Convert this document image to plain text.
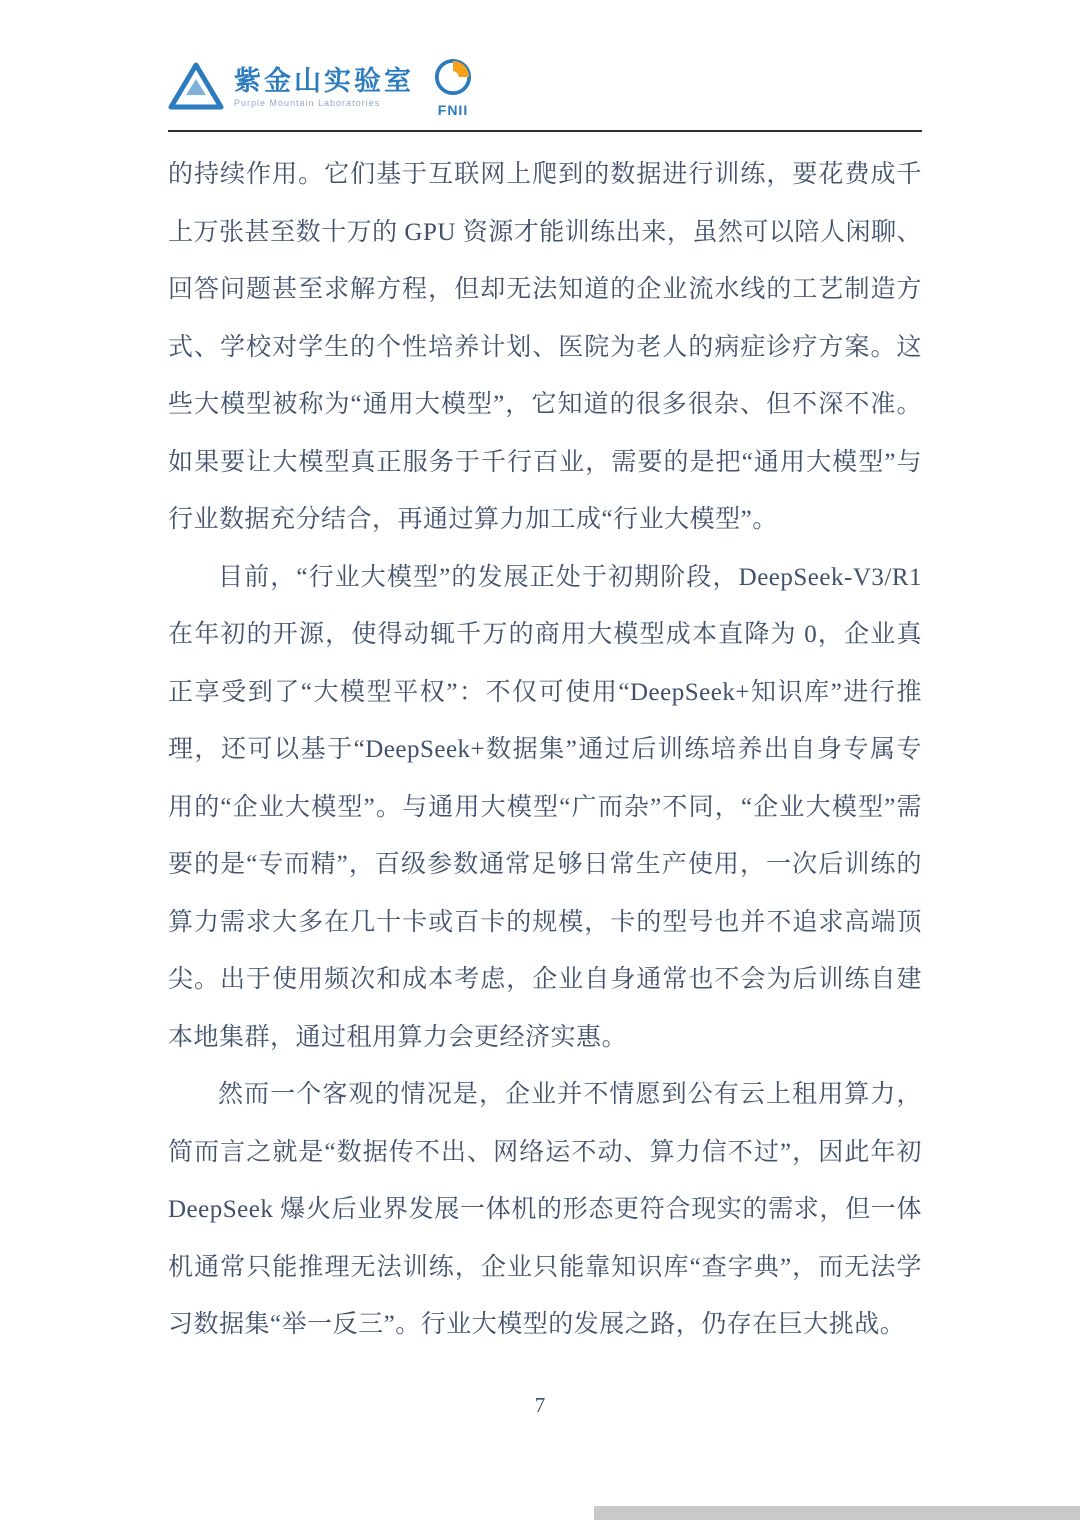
紫金山实验室
Purple Mountain Laboratories	FNII

的持续作用。它们基于互联网上爬到的数据进行训练，要花费成千上万张甚至数十万的 GPU 资源才能训练出来，虽然可以陪人闲聊、回答问题甚至求解方程，但却无法知道的企业流水线的工艺制造方式、学校对学生的个性培养计划、医院为老人的病症诊疗方案。这些大模型被称为“通用大模型”，它知道的很多很杂、但不深不准。如果要让大模型真正服务于千行百业，需要的是把“通用大模型”与行业数据充分结合，再通过算力加工成“行业大模型”。

目前，“行业大模型”的发展正处于初期阶段，DeepSeek-V3/R1 在年初的开源，使得动辄千万的商用大模型成本直降为 0，企业真正享受到了“大模型平权”：不仅可使用“DeepSeek+知识库”进行推理，还可以基于“DeepSeek+数据集”通过后训练培养出自身专属专用的“企业大模型”。与通用大模型“广而杂”不同，“企业大模型”需要的是“专而精”，百级参数通常足够日常生产使用，一次后训练的算力需求大多在几十卡或百卡的规模，卡的型号也并不追求高端顶尖。出于使用频次和成本考虑，企业自身通常也不会为后训练自建本地集群，通过租用算力会更经济实惠。

然而一个客观的情况是，企业并不情愿到公有云上租用算力，简而言之就是“数据传不出、网络运不动、算力信不过”，因此年初 DeepSeek 爆火后业界发展一体机的形态更符合现实的需求，但一体机通常只能推理无法训练，企业只能靠知识库“查字典”，而无法学习数据集“举一反三”。行业大模型的发展之路，仍存在巨大挑战。

7
